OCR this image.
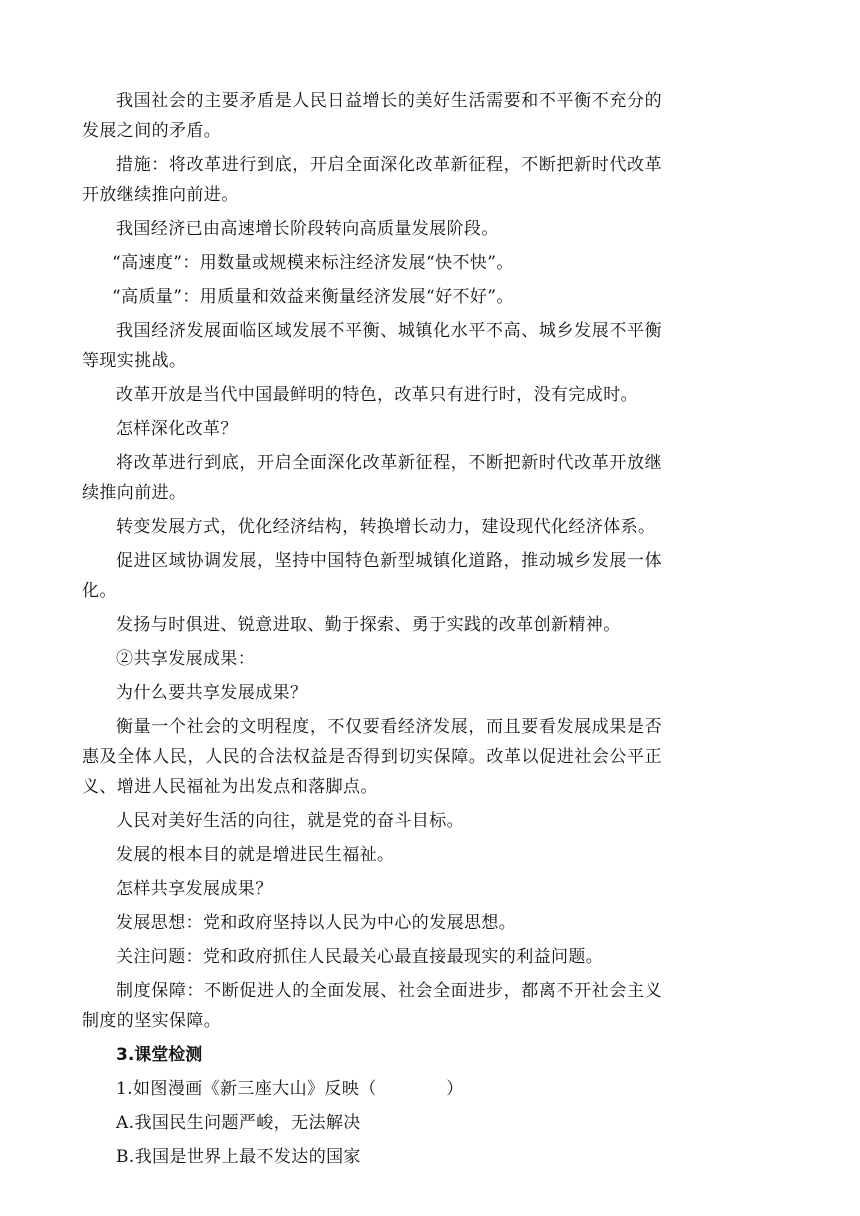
我国社会的主要矛盾是人民日益增长的美好生活需要和不平衡不充分的发展之间的矛盾。

措施：将改革进行到底，开启全面深化改革新征程，不断把新时代改革开放继续推向前进。

我国经济已由高速增长阶段转向高质量发展阶段。

“高速度”：用数量或规模来标注经济发展“快不快”。

“高质量”：用质量和效益来衡量经济发展“好不好”。

我国经济发展面临区域发展不平衡、城镇化水平不高、城乡发展不平衡等现实挑战。

改革开放是当代中国最鲜明的特色，改革只有进行时，没有完成时。

怎样深化改革？

将改革进行到底，开启全面深化改革新征程，不断把新时代改革开放继续推向前进。

转变发展方式，优化经济结构，转换增长动力，建设现代化经济体系。

促进区域协调发展，坚持中国特色新型城镇化道路，推动城乡发展一体化。

发扬与时俱进、锐意进取、勤于探索、勇于实践的改革创新精神。

②共享发展成果：

为什么要共享发展成果？

衡量一个社会的文明程度，不仅要看经济发展，而且要看发展成果是否惠及全体人民，人民的合法权益是否得到切实保障。改革以促进社会公平正义、增进人民福祉为出发点和落脚点。

人民对美好生活的向往，就是党的奋斗目标。

发展的根本目的就是增进民生福祉。

怎样共享发展成果？

发展思想：党和政府坚持以人民为中心的发展思想。

关注问题：党和政府抓住人民最关心最直接最现实的利益问题。

制度保障：不断促进人的全面发展、社会全面进步，都离不开社会主义制度的坚实保障。

3.课堂检测

1.如图漫画《新三座大山》反映（　　　　）

A.我国民生问题严峻，无法解决

B.我国是世界上最不发达的国家
